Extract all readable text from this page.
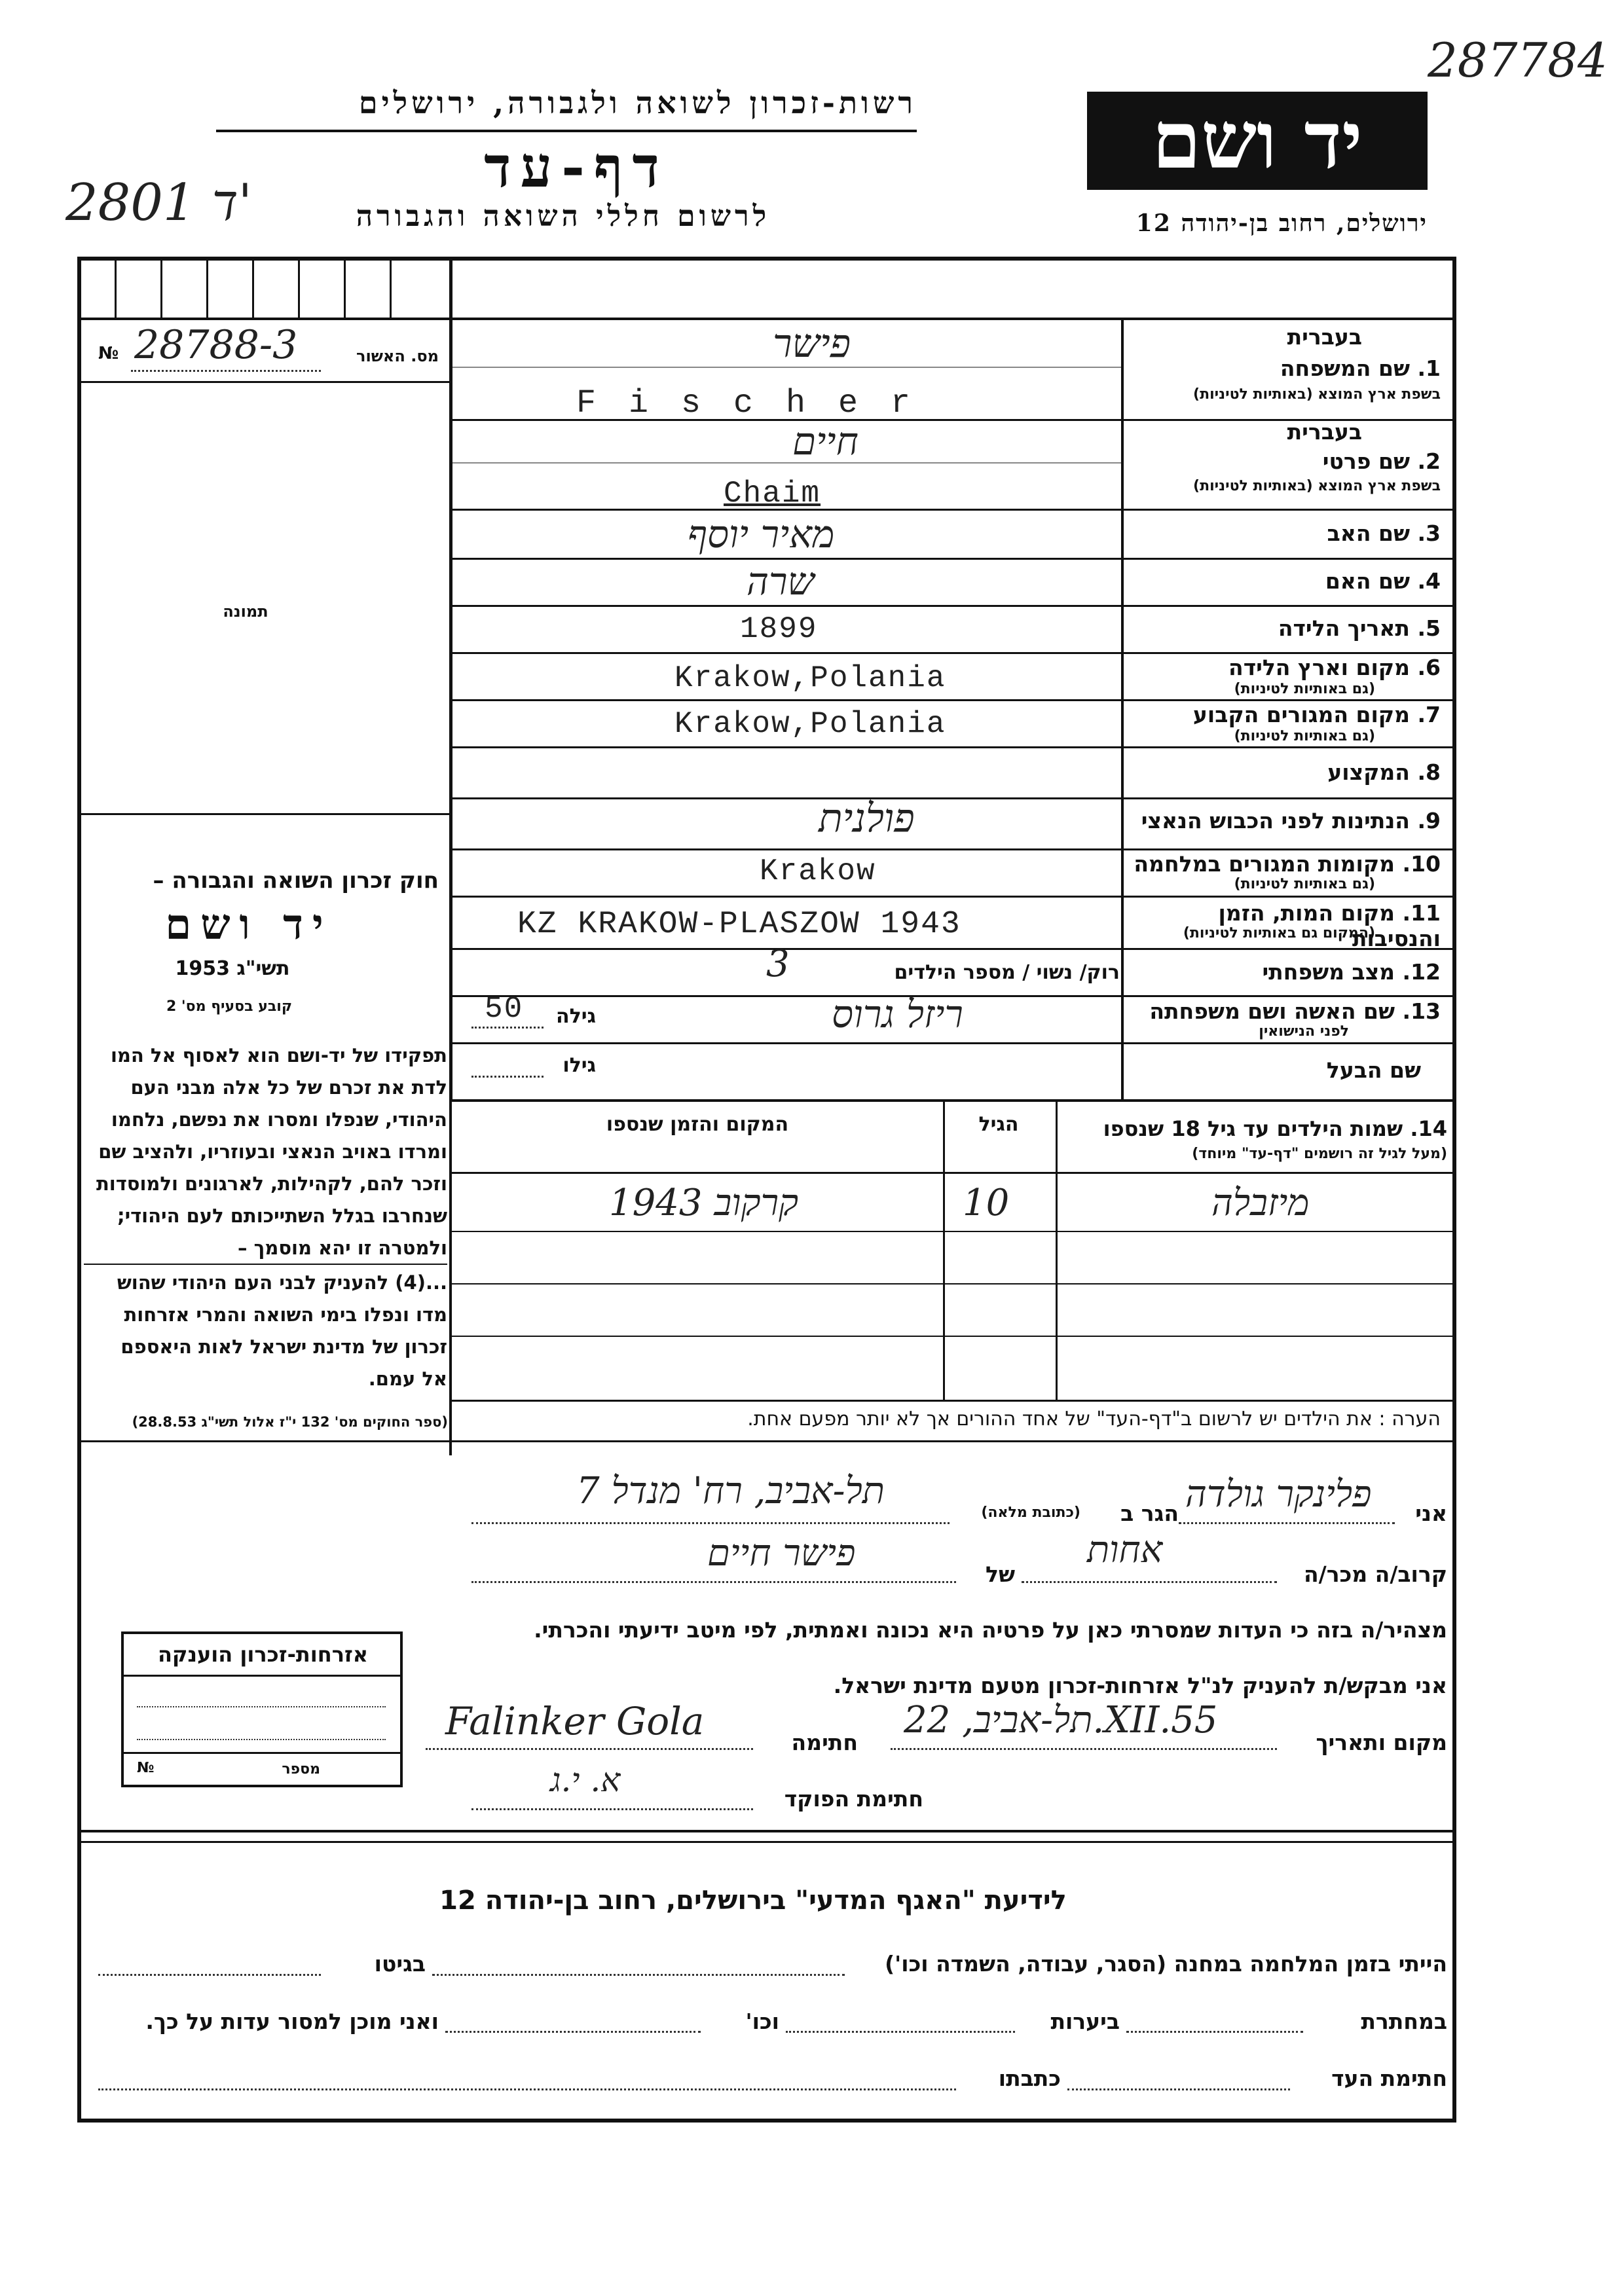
287784
רשות-זכרון לשואה ולגבורה, ירושלים
2801 ד'
דף-עד
לרשום חללי השואה והגבורה
יד ושם
ירושלים, רחוב בן-יהודה 12
№ 28788-3	מס. האשור
תמונה
בעברית
1. שם המשפחה
בשפת ארץ המוצא (באותיות לטיניות)
פישר
F i s c h e r
בעברית
2. שם פרטי
בשפת ארץ המוצא (באותיות לטיניות)
חיים
Chaim
3. שם האב
מאיר יוסף
4. שם האם
שרה
5. תאריך הלידה
1899
6. מקום וארץ הלידה
(גם באותיות לטיניות)
Krakow,Polania
7. מקום המגורים הקבוע
(גם באותיות לטיניות)
Krakow,Polania
8. המקצוע
9. הנתינות לפני הכבוש הנאצי
פולנית
10. מקומות המגורים במלחמה
(גם באותיות לטיניות)
Krakow
11. מקום המות, הזמן והנסיבות
(המקום גם באותיות לטיניות)
KZ KRAKOW-PLASZOW 1943
12. מצב משפחתי
רוק/ נשוי / מספר הילדים
3
13. שם האשה ושם משפחתה
לפני הנישואין
ריזל גרוס
גילה
50
שם הבעל
גילו
חוק זכרון השואה והגבורה –
יד ושם
תשי"ג 1953
קובע בסעיף מס' 2
תפקידו של יד-ושם הוא לאסוף אל המו
לדת את זכרם של כל אלה מבני העם
היהודי, שנפלו ומסרו את נפשם, נלחמו
ומרדו באויב הנאצי ובעוזריו, ולהציב שם
וזכר להם, לקהילות, לארגונים ולמוסדות
שנחרבו בגלל השתייכותם לעם היהודי;
ולמטרה זו יהא מוסמך –
...(4) להעניק לבני העם היהודי שהוש
מדו ונפלו בימי השואה והמרי אזרחות
זכרון של מדינת ישראל לאות היאספם
אל עמם.
(ספר החוקים מס' 132 י"ז אלול תשי"ג 28.8.53)
14. שמות הילדים עד גיל 18 שנספו
(מעל לגיל זה רושמים "דף-עד" מיוחד)
הגיל
המקום והזמן שנספו
מיזבלה
10
קרקוב 1943
הערה : את הילדים יש לרשום ב"דף-העד" של אחד ההורים אך לא יותר מפעם אחת.
אני
פלינקר גולדה
הגר ב
(כתובת מלאה)
תל-אביב, רח' מנדל 7
קרוב/ה מכר/ה
אחות
של
פישר חיים
מצהיר/ה בזה כי העדות שמסרתי כאן על פרטיה היא נכונה ואמתית, לפי מיטב ידיעתי והכרתי.
אני מבקש/ת להעניק לנ"ל אזרחות-זכרון מטעם מדינת ישראל.
מקום ותאריך
תל-אביב, 22.XII.55
חתימה
Falinker Gola
חתימת הפוקד
א. י.ג
אזרחות-זכרון הוענקה
№	מספר
לידיעת "האגף המדעי" בירושלים, רחוב בן-יהודה 12
הייתי בזמן המלחמה במחנה (הסגר, עבודה, השמדה וכו')
בגיטו
במחתרת
ביערות
וכו'
ואני מוכן למסור עדות על כך.
חתימת העד
כתבתו
